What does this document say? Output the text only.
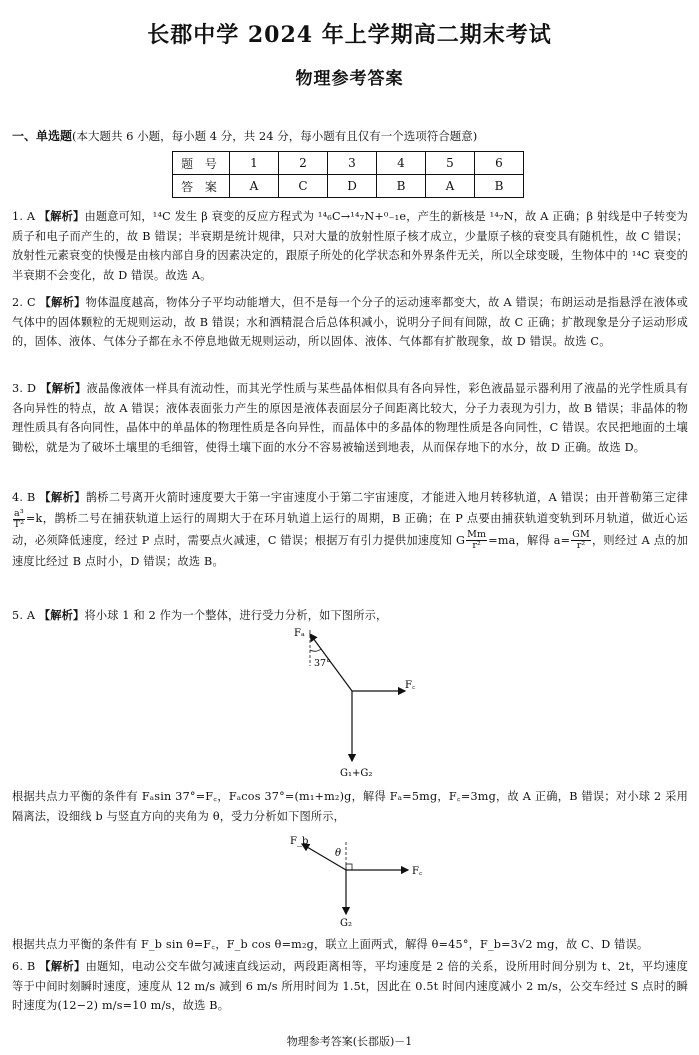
长郡中学 2024 年上学期高二期末考试
物理参考答案
一、单选题(本大题共 6 小题，每小题 4 分，共 24 分，每小题有且仅有一个选项符合题意)
题 号	1	2	3	4	5	6
答 案	A	C	D	B	A	B
1. A 【解析】由题意可知，¹⁴C 发生 β 衰变的反应方程式为 ¹⁴₆C→¹⁴₇N+⁰₋₁e，产生的新核是 ¹⁴₇N，故 A 正确；β 射线是中子转变为质子和电子而产生的，故 B 错误；半衰期是统计规律，只对大量的放射性原子核才成立，少量原子核的衰变具有随机性，故 C 错误；放射性元素衰变的快慢是由核内部自身的因素决定的，跟原子所处的化学状态和外界条件无关，所以全球变暖，生物体中的 ¹⁴C 衰变的半衰期不会变化，故 D 错误。故选 A。
2. C 【解析】物体温度越高，物体分子平均动能增大，但不是每一个分子的运动速率都变大，故 A 错误；布朗运动是指悬浮在液体或气体中的固体颗粒的无规则运动，故 B 错误；水和酒精混合后总体积减小，说明分子间有间隙，故 C 正确；扩散现象是分子运动形成的，固体、液体、气体分子都在永不停息地做无规则运动，所以固体、液体、气体都有扩散现象，故 D 错误。故选 C。
3. D 【解析】液晶像液体一样具有流动性，而其光学性质与某些晶体相似具有各向异性，彩色液晶显示器利用了液晶的光学性质具有各向异性的特点，故 A 错误；液体表面张力产生的原因是液体表面层分子间距离比较大，分子力表现为引力，故 B 错误；非晶体的物理性质具有各向同性，晶体中的单晶体的物理性质是各向异性，而晶体中的多晶体的物理性质是各向同性，C 错误。农民把地面的土壤锄松，就是为了破坏土壤里的毛细管，使得土壤下面的水分不容易被输送到地表，从而保存地下的水分，故 D 正确。故选 D。
4. B 【解析】鹊桥二号离开火箭时速度要大于第一宇宙速度小于第二宇宙速度，才能进入地月转移轨道，A 错误；由开普勒第三定律
$\frac{\text{a³}}{\text{T²}} =k$，鹊桥二号在捕获轨道上运行的周期大于在环月轨道上运行的周期，B 正确；在 P 点要由捕获轨道变轨到环月轨道，做近心运动，必须降低速度，经过 P 点时，需要点火减速，C 错误；根据万有引力提供加速度知 G $\frac{Mm}{\text{r²}} =ma$，解得 $a= \frac{GM}{\text{r²}}$ ，则经过 A 点的加速度比经过 B 点时小，D 错误；故选 B。
5. A 【解析】将小球 1 和 2 作为一个整体，进行受力分析，如下图所示，
Fₐ
37°
F꜀
G₁+G₂
根据共点力平衡的条件有 Fₐsin 37°=F꜀，Fₐcos 37°=(m₁+m₂)g，解得 Fₐ=5mg，F꜀=3mg，故 A 正确，B 错误；对小球 2 采用隔离法，设细线 b 与竖直方向的夹角为 θ，受力分析如下图所示，
F_b
θ
F꜀
G₂
根据共点力平衡的条件有 F_b sin θ=F꜀，F_b cos θ=m₂g，联立上面两式，解得 θ=45°，F_b=3√2 mg，故 C、D 错误。
6. B 【解析】由题知，电动公交车做匀减速直线运动，两段距离相等，平均速度是 2 倍的关系，设所用时间分别为 t、2t，平均速度等于中间时刻瞬时速度，速度从 12 m/s 减到 6 m/s 所用时间为 1.5t，因此在 0.5t 时间内速度减小 2 m/s，公交车经过 S 点时的瞬时速度为(12−2) m/s=10 m/s，故选 B。
物理参考答案(长郡版)－1
